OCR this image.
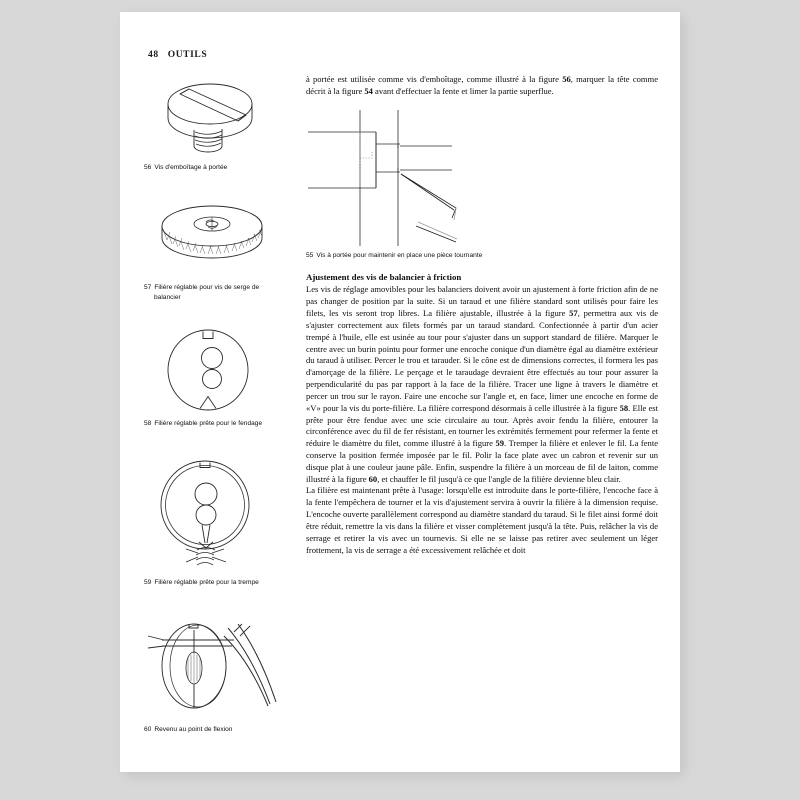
48 OUTILS
56 Vis d'emboîtage à portée
57 Filière réglable pour vis de serge de
balancier
58 Filière réglable prête pour le fendage
59 Filière réglable prête pour la trempe
60 Revenu au point de flexion

à portée est utilisée comme vis d'emboîtage, comme illustré à la figure 56, marquer la tête comme décrit à la figure 54 avant d'effectuer la fente et limer la partie superflue.

55 Vis à portée pour maintenir en place une pièce tournante

Ajustement des vis de balancier à friction

Les vis de réglage amovibles pour les balanciers doivent avoir un ajustement à forte friction afin de ne pas changer de position par la suite. Si un taraud et une filière standard sont utilisés pour faire les filets, les vis seront trop libres. La filière ajustable, illustrée à la figure 57, permettra aux vis de s'ajuster correctement aux filets formés par un taraud standard. Confectionnée à partir d'un acier trempé à l'huile, elle est usinée au tour pour s'ajuster dans un support standard de filière. Marquer le centre avec un burin pointu pour former une encoche conique d'un diamètre égal au diamètre extérieur du taraud à utiliser. Percer le trou et tarauder. Si le cône est de dimensions correctes, il formera les pas d'amorçage de la filière. Le perçage et le taraudage devraient être effectués au tour pour assurer la perpendicularité du pas par rapport à la face de la filière. Tracer une ligne à travers le diamètre et percer un trou sur le rayon. Faire une encoche sur l'angle et, en face, limer une encoche en forme de «V» pour la vis du porte-filière. La filière correspond désormais à celle illustrée à la figure 58. Elle est prête pour être fendue avec une scie circulaire au tour. Après avoir fendu la filière, entourer la circonférence avec du fil de fer résistant, en tourner les extrémités fermement pour refermer la fente et réduire le diamètre du filet, comme illustré à la figure 59. Tremper la filière et enlever le fil. La fente conserve la position fermée imposée par le fil. Polir la face plate avec un cabron et revenir sur un disque plat à une couleur jaune pâle. Enfin, suspendre la filière à un morceau de fil de laiton, comme illustré à la figure 60, et chauffer le fil jusqu'à ce que l'angle de la filière devienne bleu clair.

La filière est maintenant prête à l'usage: lorsqu'elle est introduite dans le porte-filière, l'encoche face à la fente l'empêchera de tourner et la vis d'ajustement servira à ouvrir la filière à la dimension requise. L'encoche ouverte parallèlement correspond au diamètre standard du taraud. Si le filet ainsi formé doit être réduit, remettre la vis dans la filière et visser complètement jusqu'à la tête. Puis, relâcher la vis de serrage et retirer la vis avec un tournevis. Si elle ne se laisse pas retirer avec seulement un léger frottement, la vis de serrage a été excessivement relâchée et doit
